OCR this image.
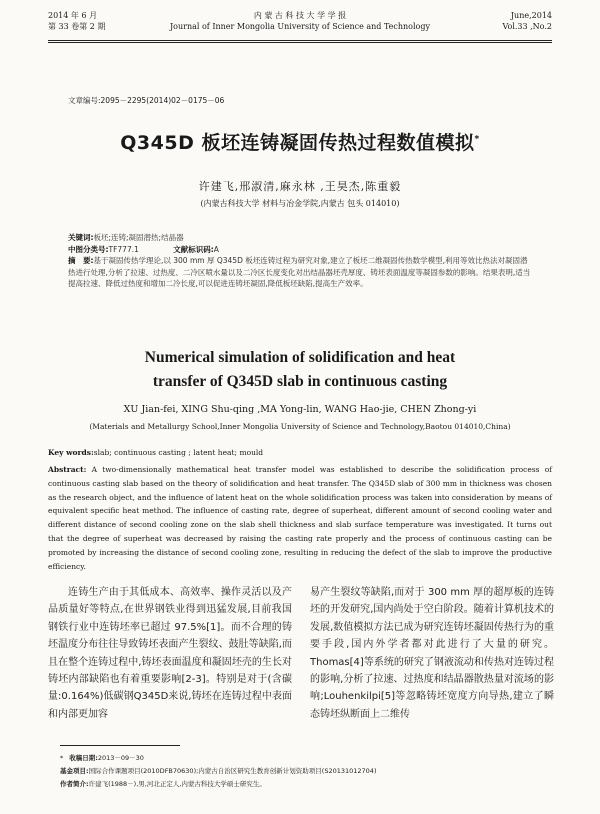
2014 年 6 月
第 33 卷第 2 期
内 蒙 古 科 技 大 学 学 报
Journal of Inner Mongolia University of Science and Technology
June,2014
Vol.33 ,No.2
文章编号:2095－2295(2014)02－0175－06
Q345D 板坯连铸凝固传热过程数值模拟*
许建飞,邢淑清,麻永林 ,王昊杰,陈重毅
(内蒙古科技大学 材料与冶金学院,内蒙古 包头 014010)
关键词:板坯;连铸;凝固潜热;结晶器
中图分类号:TF777.1	文献标识码:A
摘　要:基于凝固传热学理论,以 300 mm 厚 Q345D 板坯连铸过程为研究对象,建立了板坯二维凝固传热数学模型,利用等效比热法对凝固潜热进行处理,分析了拉速、过热度、二冷区喷水量以及二冷区长度变化对出结晶器坯壳厚度、铸坯表面温度等凝固参数的影响。结果表明,适当提高拉速、降低过热度和增加二冷长度,可以促进连铸坯凝固,降低板坯缺陷,提高生产效率。
Numerical simulation of solidification and heat
transfer of Q345D slab in continuous casting
XU Jian-fei, XING Shu-qing ,MA Yong-lin, WANG Hao-jie, CHEN Zhong-yi
(Materials and Metallurgy School,Inner Mongolia University of Science and Technology,Baotou 014010,China)
Key words:slab; continuous casting ; latent heat; mould
Abstract: A two-dimensionally mathematical heat transfer model was established to describe the solidification process of continuous casting slab based on the theory of solidification and heat transfer. The Q345D slab of 300 mm in thickness was chosen as the research object, and the influence of latent heat on the whole solidification process was taken into consideration by means of equivalent specific heat method. The influence of casting rate, degree of superheat, different amount of second cooling water and different distance of second cooling zone on the slab shell thickness and slab surface temperature was investigated. It turns out that the degree of superheat was decreased by raising the casting rate properly and the process of continuous casting can be promoted by increasing the distance of second cooling zone, resulting in reducing the defect of the slab to improve the productive efficiency.
连铸生产由于其低成本、高效率、操作灵活以及产品质量好等特点,在世界钢铁业得到迅猛发展,目前我国钢铁行业中连铸坯率已超过 97.5%[1]。而不合理的铸坯温度分布往往导致铸坯表面产生裂纹、鼓肚等缺陷,而且在整个连铸过程中,铸坯表面温度和凝固坯壳的生长对铸坯内部缺陷也有着重要影响[2-3]。特别是对于(含碳量:0.164%)低碳钢Q345D来说,铸坯在连铸过程中表面和内部更加容
易产生裂纹等缺陷,而对于 300 mm 厚的超厚板的连铸坯的开发研究,国内尚处于空白阶段。随着计算机技术的发展,数值模拟方法已成为研究连铸坯凝固传热行为的重要手段,国内外学者都对此进行了大量的研究。Thomas[4]等系统的研究了钢液流动和传热对连铸过程的影响,分析了拉速、过热度和结晶器散热量对流场的影响;Louhenkilpi[5]等忽略铸坯宽度方向导热,建立了瞬态铸坯纵断面上二维传
* 收稿日期:2013－09－30
基金项目:国际合作课题项目(2010DFB70630);内蒙古自治区研究生教育创新计划资助项目(S20131012704)
作者简介:许建飞(1988－),男,河北正定人,内蒙古科技大学硕士研究生。
